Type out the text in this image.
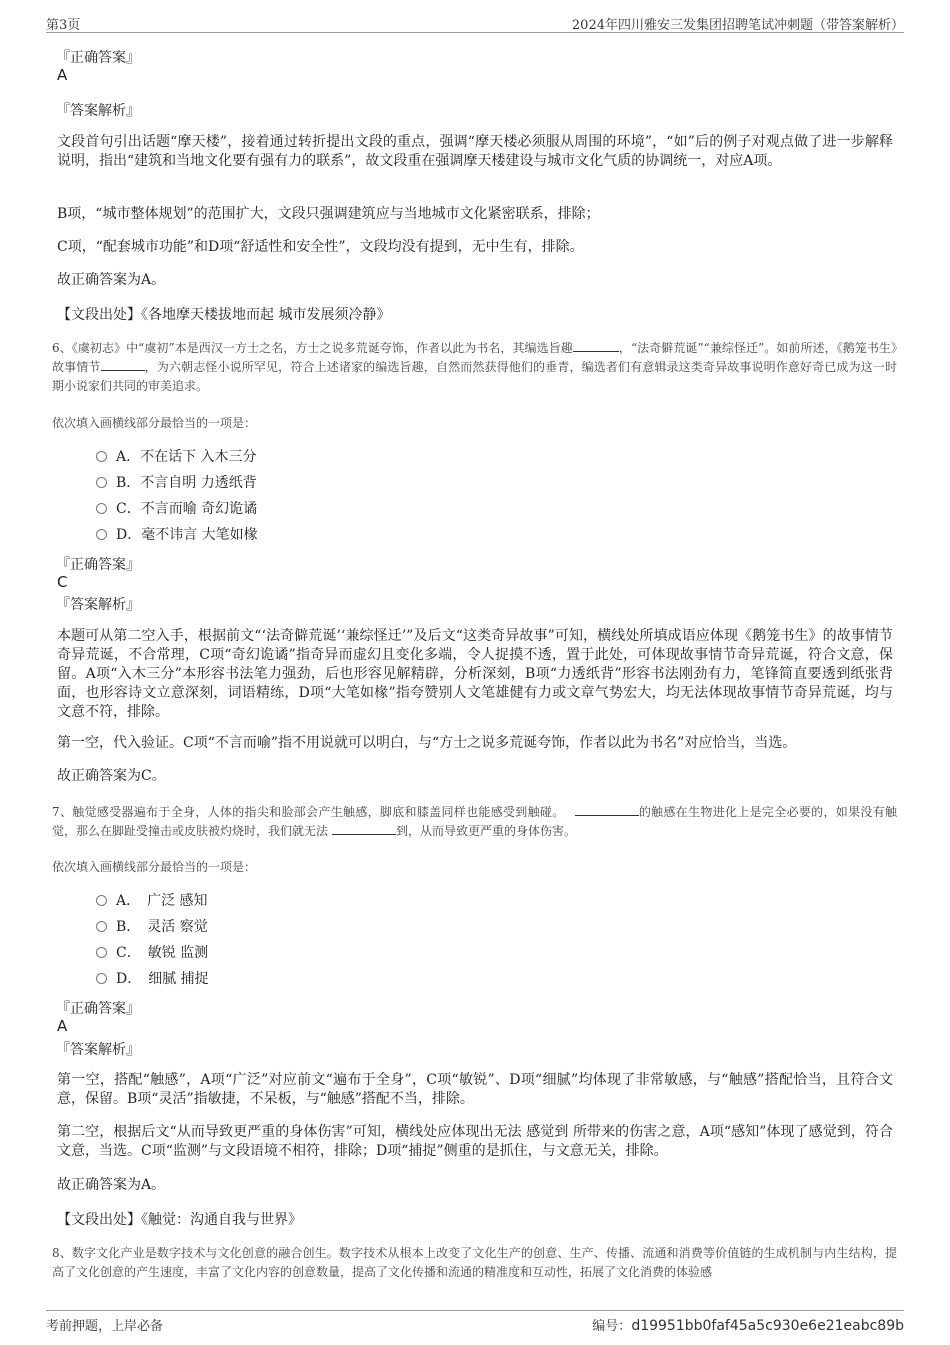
第3页	2024年四川雅安三发集团招聘笔试冲刺题（带答案解析）
『正确答案』
A
『答案解析』

文段首句引出话题“摩天楼”，接着通过转折提出文段的重点，强调“摩天楼必须服从周围的环境”，“如”后的例子对观点做了进一步解释说明，指出“建筑和当地文化要有强有力的联系”，故文段重在强调摩天楼建设与城市文化气质的协调统一，对应A项。

B项，“城市整体规划”的范围扩大，文段只强调建筑应与当地城市文化紧密联系，排除；

C项，“配套城市功能”和D项“舒适性和安全性”，文段均没有提到，无中生有，排除。

故正确答案为A。

【文段出处】《各地摩天楼拔地而起 城市发展须冷静》

6、《虞初志》中“虞初”本是西汉一方士之名，方士之说多荒诞夸饰，作者以此为书名，其编选旨趣	，“法奇僻荒诞”“兼综怪迁”。如前所述，《鹅笼书生》故事情节	，为六朝志怪小说所罕见，符合上述诸家的编选旨趣，自然而然获得他们的垂青，编选者们有意辑录这类奇异故事说明作意好奇已成为这一时期小说家们共同的审美追求。

依次填入画横线部分最恰当的一项是：
A．不在话下 入木三分
B．不言自明 力透纸背
C．不言而喻 奇幻诡谲
D．毫不讳言 大笔如椽
『正确答案』
C
『答案解析』

本题可从第二空入手，根据前文“‘法奇僻荒诞’‘兼综怪迁’”及后文“这类奇异故事”可知，横线处所填成语应体现《鹅笼书生》的故事情节奇异荒诞，不合常理，C项“奇幻诡谲”指奇异而虚幻且变化多端，令人捉摸不透，置于此处，可体现故事情节奇异荒诞，符合文意，保留。A项“入木三分”本形容书法笔力强劲，后也形容见解精辟，分析深刻，B项“力透纸背”形容书法刚劲有力，笔锋简直要透到纸张背面，也形容诗文立意深刻，词语精练，D项“大笔如椽”指夸赞别人文笔雄健有力或文章气势宏大，均无法体现故事情节奇异荒诞，均与文意不符，排除。

第一空，代入验证。C项“不言而喻”指不用说就可以明白，与“方士之说多荒诞夸饰，作者以此为书名”对应恰当，当选。

故正确答案为C。

7、触觉感受器遍布于全身，人体的指尖和脸部会产生触感，脚底和膝盖同样也能感受到触碰。	的触感在生物进化上是完全必要的，如果没有触觉，那么在脚趾受撞击或皮肤被灼烧时，我们就无法	到，从而导致更严重的身体伤害。

依次填入画横线部分最恰当的一项是：
A．　广泛 感知
B．　灵活 察觉
C．　敏锐 监测
D．　细腻 捕捉
『正确答案』
A
『答案解析』

第一空，搭配“触感”，A项“广泛”对应前文“遍布于全身”，C项“敏锐”、D项“细腻”均体现了非常敏感，与“触感”搭配恰当，且符合文意，保留。B项“灵活”指敏捷，不呆板，与“触感”搭配不当，排除。

第二空，根据后文“从而导致更严重的身体伤害”可知，横线处应体现出无法 感觉到 所带来的伤害之意，A项“感知”体现了感觉到，符合文意，当选。C项“监测”与文段语境不相符，排除；D项“捕捉”侧重的是抓住，与文意无关，排除。

故正确答案为A。

【文段出处】《触觉：沟通自我与世界》

8、数字文化产业是数字技术与文化创意的融合创生。数字技术从根本上改变了文化生产的创意、生产、传播、流通和消费等价值链的生成机制与内生结构，提高了文化创意的产生速度，丰富了文化内容的创意数量，提高了文化传播和流通的精准度和互动性，拓展了文化消费的体验感

考前押题，上岸必备	编号：d19951bb0faf45a5c930e6e21eabc89b
